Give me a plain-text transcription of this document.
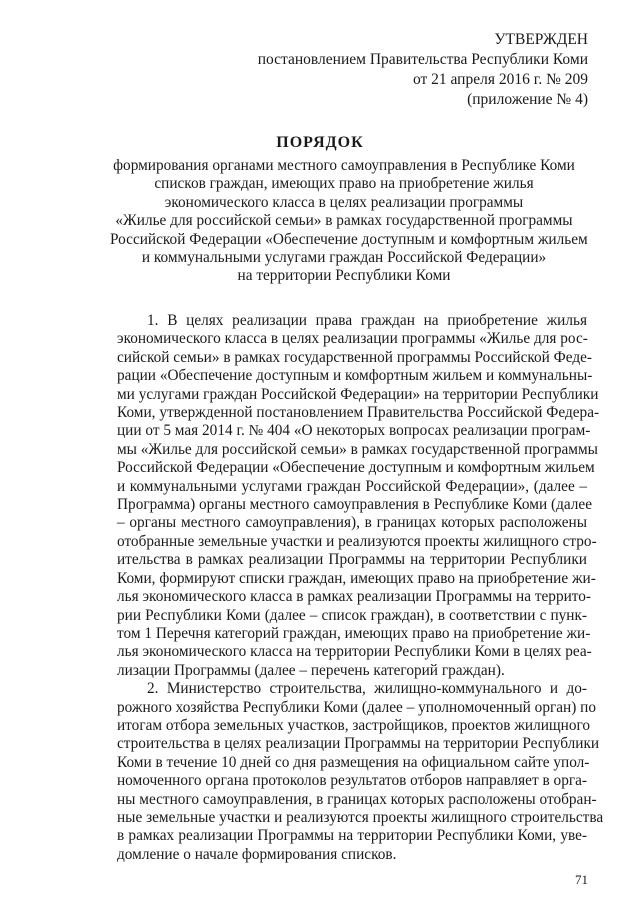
УТВЕРЖДЕН
постановлением Правительства Республики Коми
от 21 апреля 2016 г. № 209
(приложение № 4)
ПОРЯДОК
формирования органами местного самоуправления в Республике Коми
списков граждан, имеющих право на приобретение жилья
экономического класса в целях реализации программы
«Жилье для российской семьи» в рамках государственной программы
Российской Федерации «Обеспечение доступным и комфортным жильем
и коммунальными услугами граждан Российской Федерации»
на территории Республики Коми
1. В целях реализации права граждан на приобретение жилья
экономического класса в целях реализации программы «Жилье для рос-
сийской семьи» в рамках государственной программы Российской Феде-
рации «Обеспечение доступным и комфортным жильем и коммунальны-
ми услугами граждан Российской Федерации» на территории Республики
Коми, утвержденной постановлением Правительства Российской Федера-
ции от 5 мая 2014 г. № 404 «О некоторых вопросах реализации програм-
мы «Жилье для российской семьи» в рамках государственной программы
Российской Федерации «Обеспечение доступным и комфортным жильем
и коммунальными услугами граждан Российской Федерации», (далее –
Программа) органы местного самоуправления в Республике Коми (далее
– органы местного самоуправления), в границах которых расположены
отобранные земельные участки и реализуются проекты жилищного стро-
ительства в рамках реализации Программы на территории Республики
Коми, формируют списки граждан, имеющих право на приобретение жи-
лья экономического класса в рамках реализации Программы на террито-
рии Республики Коми (далее – список граждан), в соответствии с пунк-
том 1 Перечня категорий граждан, имеющих право на приобретение жи-
лья экономического класса на территории Республики Коми в целях реа-
лизации Программы (далее – перечень категорий граждан).
2. Министерство строительства, жилищно-коммунального и до-
рожного хозяйства Республики Коми (далее – уполномоченный орган) по
итогам отбора земельных участков, застройщиков, проектов жилищного
строительства в целях реализации Программы на территории Республики
Коми в течение 10 дней со дня размещения на официальном сайте упол-
номоченного органа протоколов результатов отборов направляет в орга-
ны местного самоуправления, в границах которых расположены отобран-
ные земельные участки и реализуются проекты жилищного строительства
в рамках реализации Программы на территории Республики Коми, уве-
домление о начале формирования списков.
71
